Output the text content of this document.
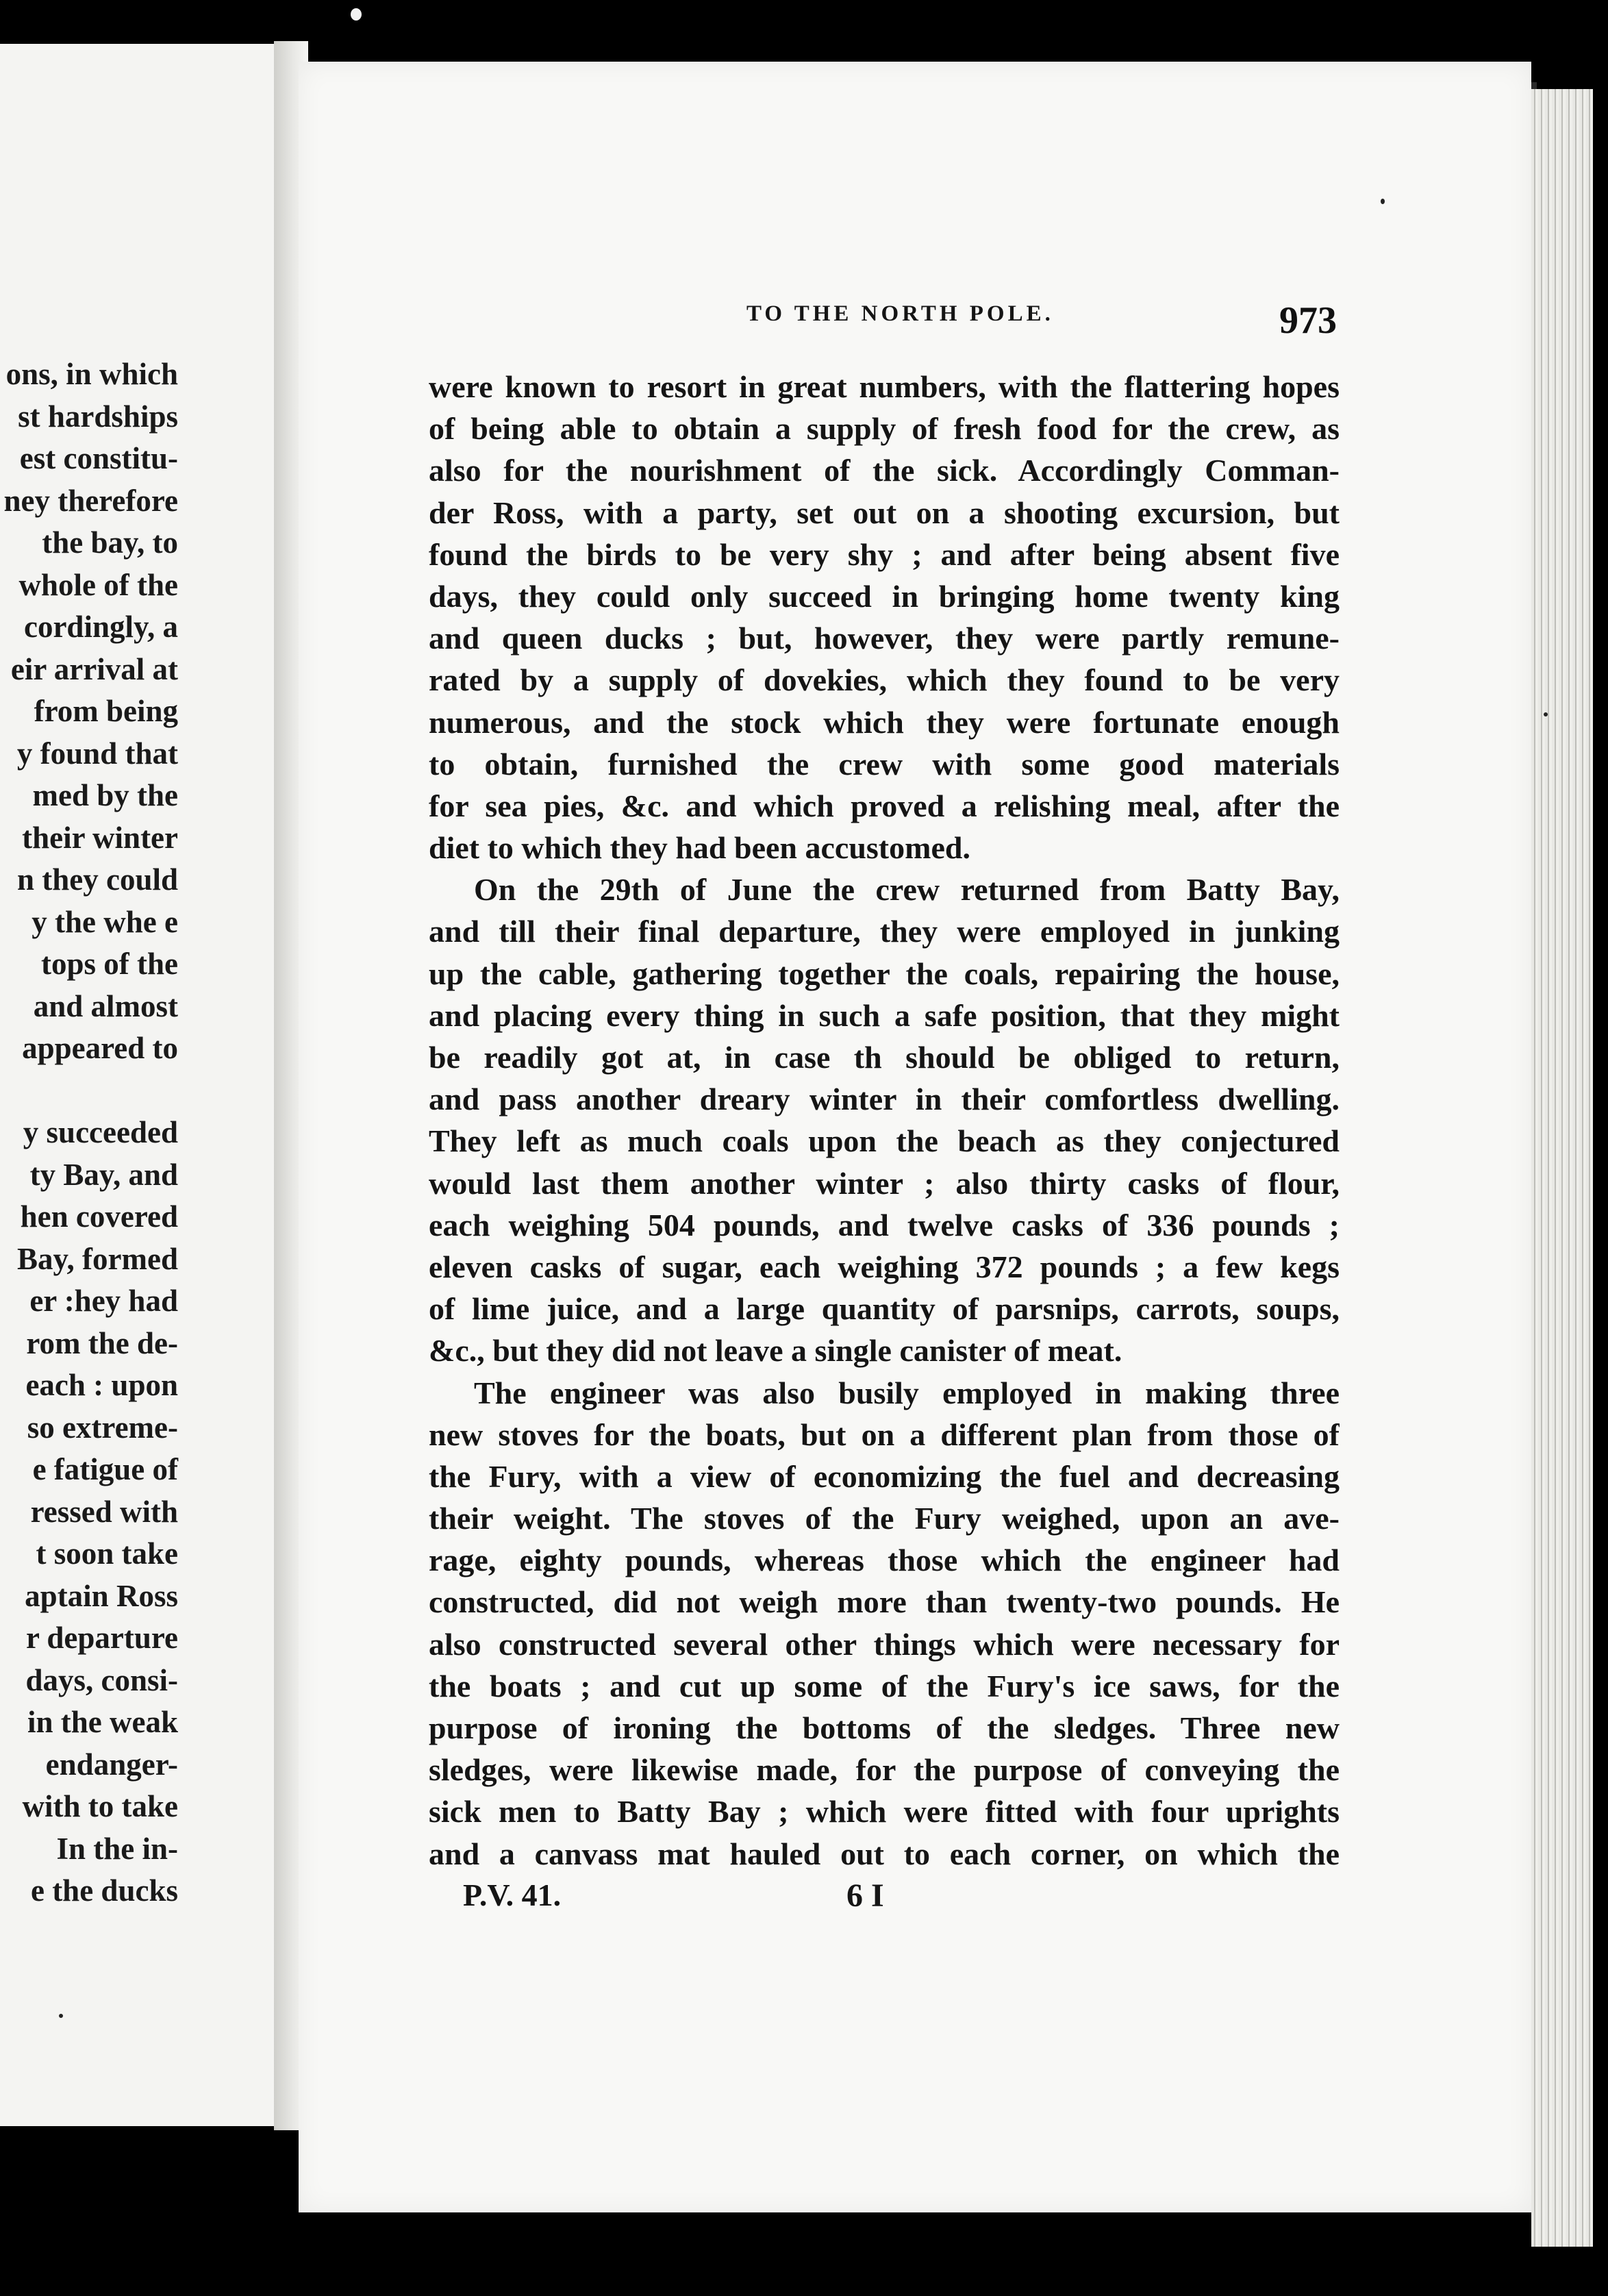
ons, in which
st hardships
est constitu-
ney therefore
the bay, to
whole of the
cordingly, a
eir arrival at
from being
y found that
med by the
their winter
n they could
y the whe e
tops of the
and almost
appeared to
y succeeded
ty Bay, and
hen covered
Bay, formed
er :hey had
rom the de-
each : upon
so extreme-
e fatigue of
ressed with
t soon take
aptain Ross
r departure
days, consi-
in the weak
endanger-
with to take
In the in-
e the ducks
TO THE NORTH POLE.	973
were known to resort in great numbers, with the flattering hopes
of being able to obtain a supply of fresh food for the crew, as
also for the nourishment of the sick. Accordingly Comman-
der Ross, with a party, set out on a shooting excursion, but
found the birds to be very shy ; and after being absent five
days, they could only succeed in bringing home twenty king
and queen ducks ; but, however, they were partly remune-
rated by a supply of dovekies, which they found to be very
numerous, and the stock which they were fortunate enough
to obtain, furnished the crew with some good materials
for sea pies, &c. and which proved a relishing meal, after the
diet to which they had been accustomed.
On the 29th of June the crew returned from Batty Bay,
and till their final departure, they were employed in junking
up the cable, gathering together the coals, repairing the house,
and placing every thing in such a safe position, that they might
be readily got at, in case th should be obliged to return,
and pass another dreary winter in their comfortless dwelling.
They left as much coals upon the beach as they conjectured
would last them another winter ; also thirty casks of flour,
each weighing 504 pounds, and twelve casks of 336 pounds ;
eleven casks of sugar, each weighing 372 pounds ; a few kegs
of lime juice, and a large quantity of parsnips, carrots, soups,
&c., but they did not leave a single canister of meat.
The engineer was also busily employed in making three
new stoves for the boats, but on a different plan from those of
the Fury, with a view of economizing the fuel and decreasing
their weight. The stoves of the Fury weighed, upon an ave-
rage, eighty pounds, whereas those which the engineer had
constructed, did not weigh more than twenty-two pounds. He
also constructed several other things which were necessary for
the boats ; and cut up some of the Fury's ice saws, for the
purpose of ironing the bottoms of the sledges. Three new
sledges, were likewise made, for the purpose of conveying the
sick men to Batty Bay ; which were fitted with four uprights
and a canvass mat hauled out to each corner, on which the
P.V. 41.	6 I
